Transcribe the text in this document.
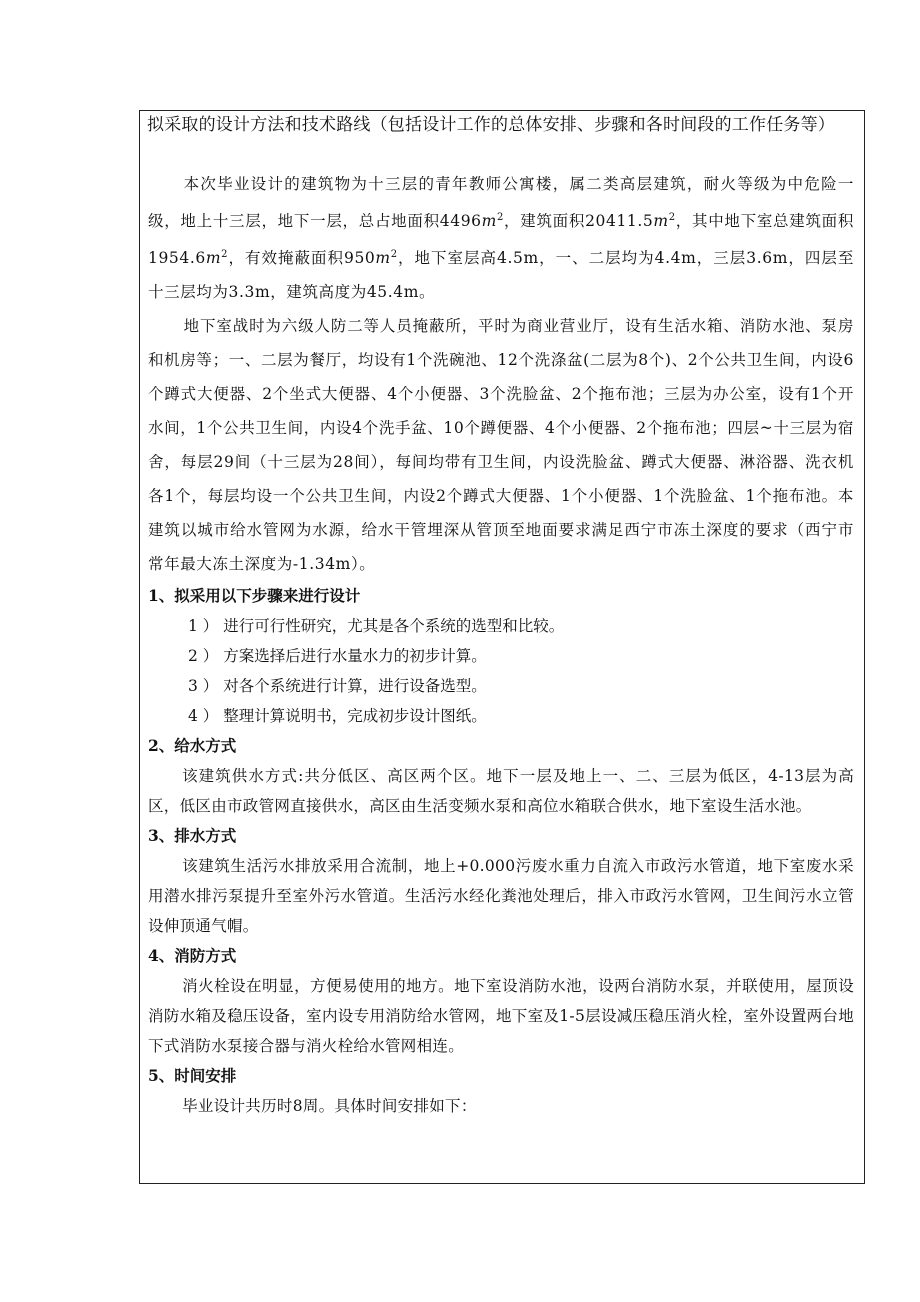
拟采取的设计方法和技术路线（包括设计工作的总体安排、步骤和各时间段的工作任务等）
本次毕业设计的建筑物为十三层的青年教师公寓楼，属二类高层建筑，耐火等级为中危险一级，地上十三层，地下一层，总占地面积$4496m^2$，建筑面积$20411.5m^2$，其中地下室总建筑面积$1954.6m^2$，有效掩蔽面积$950m^2$，地下室层高4.5m，一、二层均为4.4m，三层3.6m，四层至十三层均为3.3m，建筑高度为45.4m。
地下室战时为六级人防二等人员掩蔽所，平时为商业营业厅，设有生活水箱、消防水池、泵房和机房等；一、二层为餐厅，均设有1个洗碗池、12个洗涤盆(二层为8个)、2个公共卫生间，内设6个蹲式大便器、2个坐式大便器、4个小便器、3个洗脸盆、2个拖布池；三层为办公室，设有1个开水间，1个公共卫生间，内设4个洗手盆、10个蹲便器、4个小便器、2个拖布池；四层~十三层为宿舍，每层29间（十三层为28间），每间均带有卫生间，内设洗脸盆、蹲式大便器、淋浴器、洗衣机各1个，每层均设一个公共卫生间，内设2个蹲式大便器、1个小便器、1个洗脸盆、1个拖布池。本建筑以城市给水管网为水源，给水干管埋深从管顶至地面要求满足西宁市冻土深度的要求（西宁市常年最大冻土深度为-1.34m）。
1、拟采用以下步骤来进行设计
1 ） 进行可行性研究，尤其是各个系统的选型和比较。
2 ） 方案选择后进行水量水力的初步计算。
3 ） 对各个系统进行计算，进行设备选型。
4 ） 整理计算说明书，完成初步设计图纸。
2、给水方式
该建筑供水方式:共分低区、高区两个区。地下一层及地上一、二、三层为低区，4-13层为高区，低区由市政管网直接供水，高区由生活变频水泵和高位水箱联合供水，地下室设生活水池。
3、排水方式
该建筑生活污水排放采用合流制，地上+0.000污废水重力自流入市政污水管道，地下室废水采用潜水排污泵提升至室外污水管道。生活污水经化粪池处理后，排入市政污水管网，卫生间污水立管设伸顶通气帽。
4、消防方式
消火栓设在明显，方便易使用的地方。地下室设消防水池，设两台消防水泵，并联使用，屋顶设消防水箱及稳压设备，室内设专用消防给水管网，地下室及1-5层设减压稳压消火栓，室外设置两台地下式消防水泵接合器与消火栓给水管网相连。
5、时间安排
毕业设计共历时8周。具体时间安排如下：
